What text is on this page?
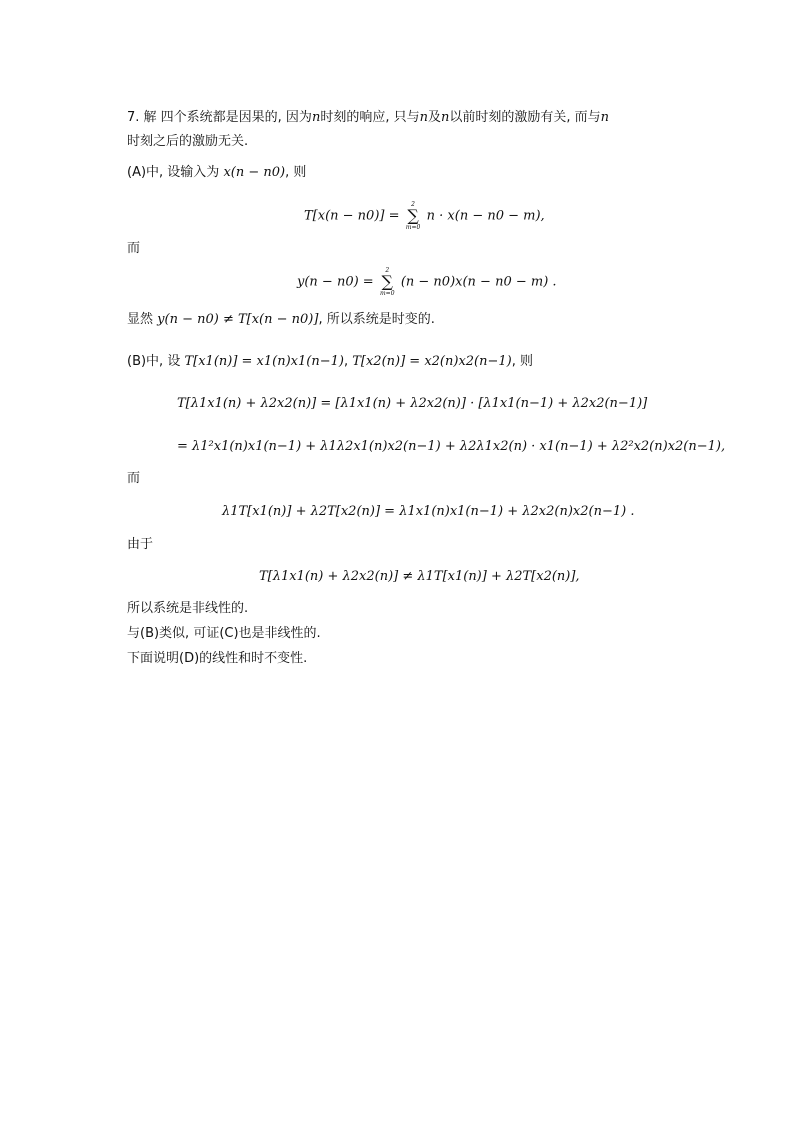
7. 解 四个系统都是因果的, 因为n时刻的响应, 只与n及n以前时刻的激励有关, 而与n
时刻之后的激励无关.
(A)中, 设输入为 x(n − n0), 则
T[x(n − n0)] =
2
∑
m=0
n · x(n − n0 − m),
而
y(n − n0) =
2
∑
m=0
(n − n0)x(n − n0 − m) .
显然 y(n − n0) ≠ T[x(n − n0)], 所以系统是时变的.
(B)中, 设 T[x1(n)] = x1(n)x1(n−1), T[x2(n)] = x2(n)x2(n−1), 则
T[λ1x1(n) + λ2x2(n)] = [λ1x1(n) + λ2x2(n)] · [λ1x1(n−1) + λ2x2(n−1)]
= λ1²x1(n)x1(n−1) + λ1λ2x1(n)x2(n−1) + λ2λ1x2(n) · x1(n−1) + λ2²x2(n)x2(n−1),
而
λ1T[x1(n)] + λ2T[x2(n)] = λ1x1(n)x1(n−1) + λ2x2(n)x2(n−1) .
由于
T[λ1x1(n) + λ2x2(n)] ≠ λ1T[x1(n)] + λ2T[x2(n)],
所以系统是非线性的.
与(B)类似, 可证(C)也是非线性的.
下面说明(D)的线性和时不变性.
